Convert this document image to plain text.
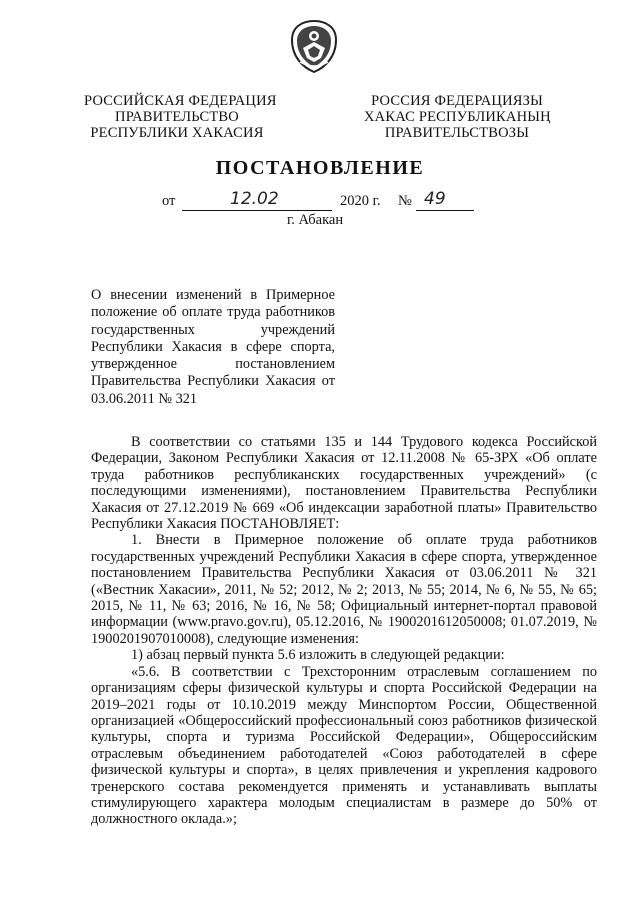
РОССИЙСКАЯ ФЕДЕРАЦИЯ
ПРАВИТЕЛЬСТВО
РЕСПУБЛИКИ ХАКАСИЯ
РОССИЯ ФЕДЕРАЦИЯЗЫ
ХАКАС РЕСПУБЛИКАНЫҢ
ПРАВИТЕЛЬСТВОЗЫ
ПОСТАНОВЛЕНИЕ
от	12.02	2020 г. № 49
г. Абакан
О внесении изменений в Примерное положение об оплате труда работников государственных учреждений Республики Хакасия в сфере спорта, утвержденное постановлением Правительства Республики Хакасия от 03.06.2011 № 321

В соответствии со статьями 135 и 144 Трудового кодекса Российской Федерации, Законом Республики Хакасия от 12.11.2008 № 65-ЗРХ «Об оплате труда работников республиканских государственных учреждений» (с последующими изменениями), постановлением Правительства Республики Хакасия от 27.12.2019 № 669 «Об индексации заработной платы» Правительство Республики Хакасия ПОСТАНОВЛЯЕТ:

1. Внести в Примерное положение об оплате труда работников государственных учреждений Республики Хакасия в сфере спорта, утвержденное постановлением Правительства Республики Хакасия от 03.06.2011 № 321 («Вестник Хакасии», 2011, № 52; 2012, № 2; 2013, № 55; 2014, № 6, № 55, № 65; 2015, № 11, № 63; 2016, № 16, № 58; Официальный интернет-портал правовой информации (www.pravo.gov.ru), 05.12.2016, № 1900201612050008; 01.07.2019, № 1900201907010008), следующие изменения:

1) абзац первый пункта 5.6 изложить в следующей редакции:

«5.6. В соответствии с Трехсторонним отраслевым соглашением по организациям сферы физической культуры и спорта Российской Федерации на 2019–2021 годы от 10.10.2019 между Минспортом России, Общественной организацией «Общероссийский профессиональный союз работников физической культуры, спорта и туризма Российской Федерации», Общероссийским отраслевым объединением работодателей «Союз работодателей в сфере физической культуры и спорта», в целях привлечения и укрепления кадрового тренерского состава рекомендуется применять и устанавливать выплаты стимулирующего характера молодым специалистам в размере до 50% от должностного оклада.»;
